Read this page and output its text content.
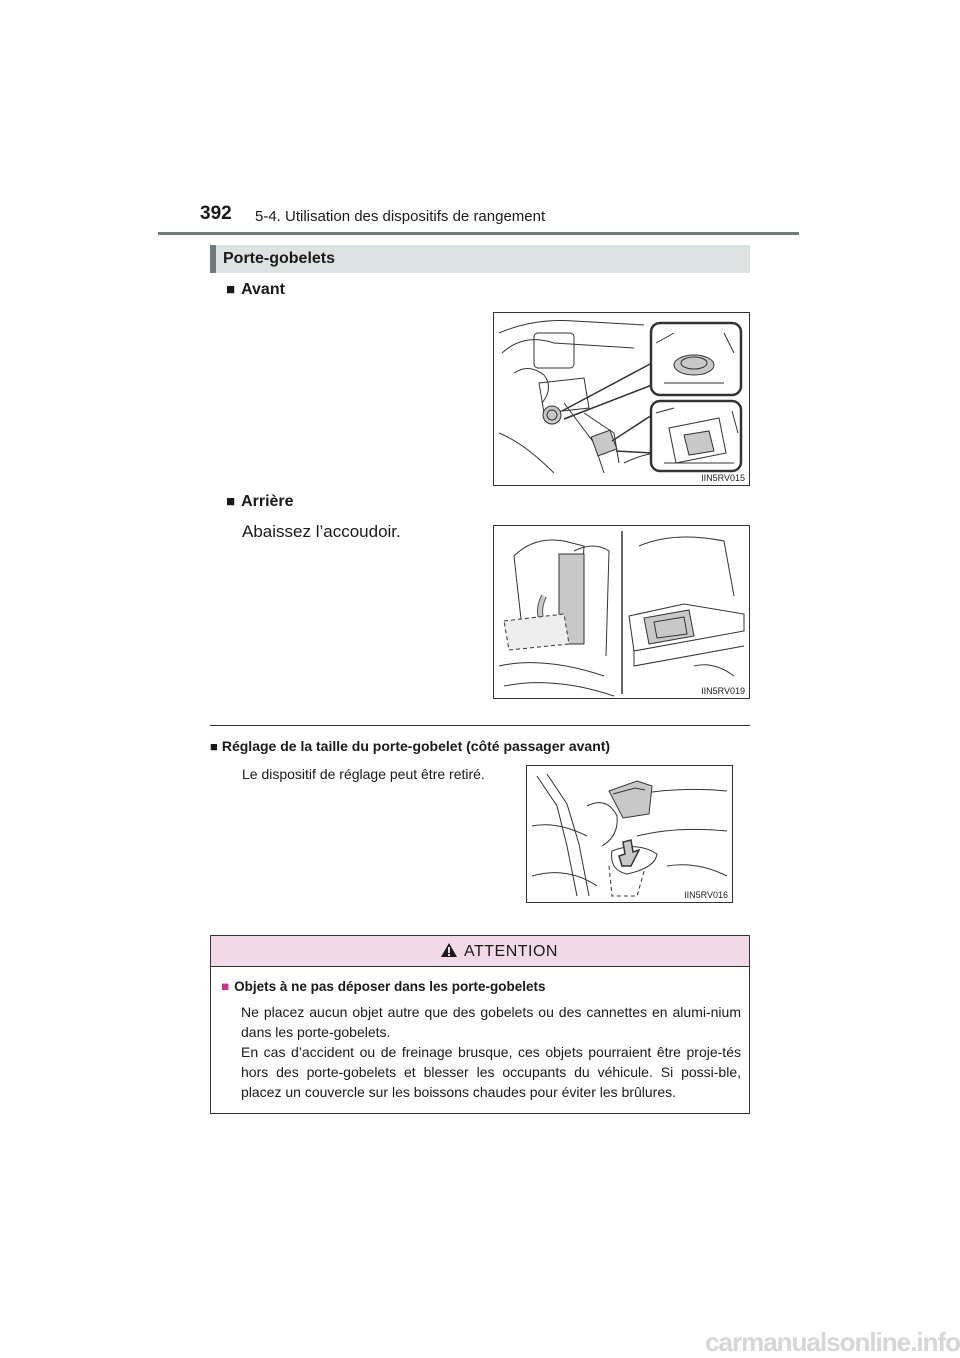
392 5-4. Utilisation des dispositifs de rangement
Porte-gobelets
■ Avant
IIN5RV015
■ Arrière
Abaissez l’accoudoir.
IIN5RV019
■ Réglage de la taille du porte-gobelet (côté passager avant)
Le dispositif de réglage peut être retiré.
IIN5RV016
ATTENTION
■ Objets à ne pas déposer dans les porte-gobelets

Ne placez aucun objet autre que des gobelets ou des cannettes en alumi-nium dans les porte-gobelets.

En cas d’accident ou de freinage brusque, ces objets pourraient être proje-tés hors des porte-gobelets et blesser les occupants du véhicule. Si possi-ble, placez un couvercle sur les boissons chaudes pour éviter les brûlures.

carmanualsonline.info
